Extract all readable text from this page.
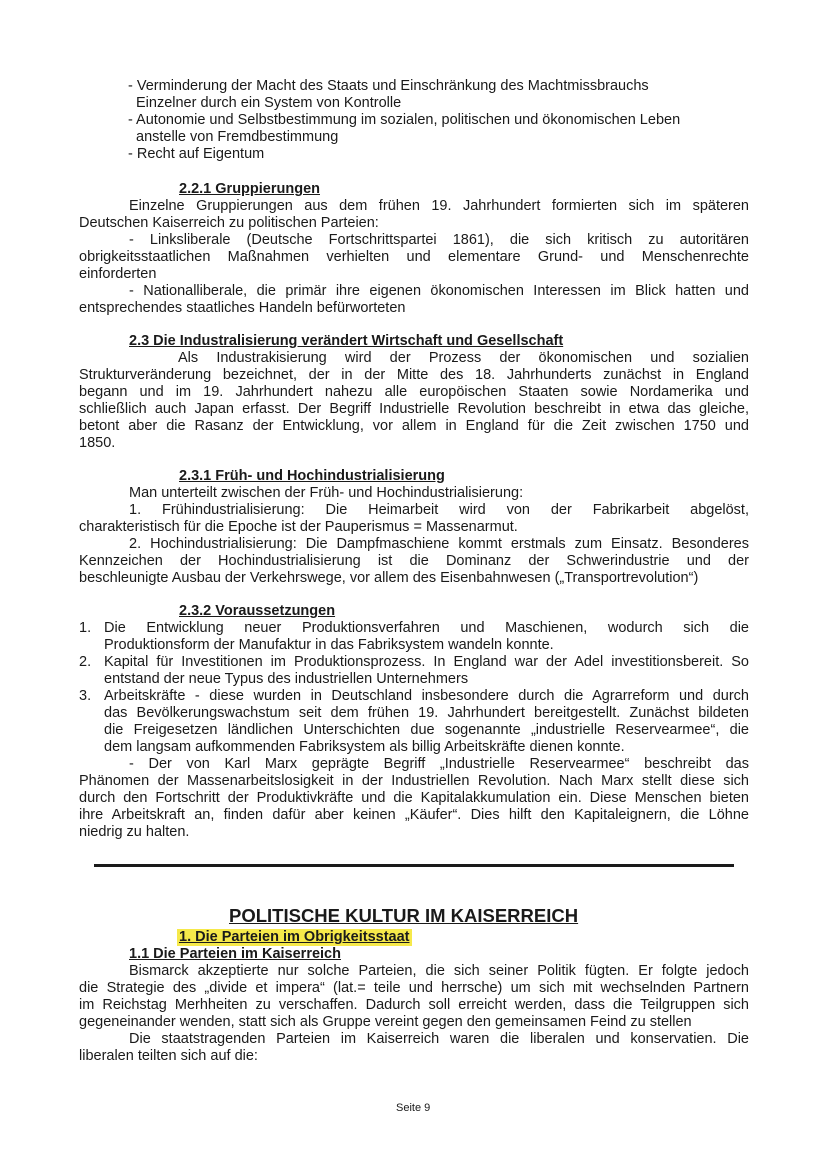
- Verminderung der Macht des Staats und Einschränkung des Machtmissbrauchs
Einzelner durch ein System von Kontrolle
- Autonomie und Selbstbestimmung im sozialen, politischen und ökonomischen Leben
anstelle von Fremdbestimmung
- Recht auf Eigentum
2.2.1 Gruppierungen
Einzelne Gruppierungen aus dem frühen 19. Jahrhundert formierten sich im späteren
Deutschen Kaiserreich zu politischen Parteien:
- Linksliberale (Deutsche Fortschrittspartei 1861), die sich kritisch zu autoritären
obrigkeitsstaatlichen Maßnahmen verhielten und elementare Grund- und Menschenrechte
einforderten
- Nationalliberale, die primär ihre eigenen ökonomischen Interessen im Blick hatten und
entsprechendes staatliches Handeln befürworteten
2.3 Die Industralisierung verändert Wirtschaft und Gesellschaft
Als Industrakisierung wird der Prozess der ökonomischen und sozialien
Strukturveränderung bezeichnet, der in der Mitte des 18. Jahrhunderts zunächst in England
begann und im 19. Jahrhundert nahezu alle europöischen Staaten sowie Nordamerika und
schließlich auch Japan erfasst. Der Begriff Industrielle Revolution beschreibt in etwa das gleiche,
betont aber die Rasanz der Entwicklung, vor allem in England für die Zeit zwischen 1750 und
1850.
2.3.1 Früh- und Hochindustrialisierung
Man unterteilt zwischen der Früh- und Hochindustrialisierung:
1. Frühindustrialisierung: Die Heimarbeit wird von der Fabrikarbeit abgelöst,
charakteristisch für die Epoche ist der Pauperismus = Massenarmut.
2. Hochindustrialisierung: Die Dampfmaschiene kommt erstmals zum Einsatz. Besonderes
Kennzeichen der Hochindustrialisierung ist die Dominanz der Schwerindustrie und der
beschleunigte Ausbau der Verkehrswege, vor allem des Eisenbahnwesen („Transportrevolution“)
2.3.2 Voraussetzungen
1. Die Entwicklung neuer Produktionsverfahren und Maschienen, wodurch sich die
Produktionsform der Manufaktur in das Fabriksystem wandeln konnte.
2. Kapital für Investitionen im Produktionsprozess. In England war der Adel investitionsbereit. So
entstand der neue Typus des industriellen Unternehmers
3. Arbeitskräfte - diese wurden in Deutschland insbesondere durch die Agrarreform und durch
das Bevölkerungswachstum seit dem frühen 19. Jahrhundert bereitgestellt. Zunächst bildeten
die Freigesetzen ländlichen Unterschichten due sogenannte „industrielle Reservearmee“, die
dem langsam aufkommenden Fabriksystem als billig Arbeitskräfte dienen konnte.
- Der von Karl Marx geprägte Begriff „Industrielle Reservearmee“ beschreibt das
Phänomen der Massenarbeitslosigkeit in der Industriellen Revolution. Nach Marx stellt diese sich
durch den Fortschritt der Produktivkräfte und die Kapitalakkumulation ein. Diese Menschen bieten
ihre Arbeitskraft an, finden dafür aber keinen „Käufer“. Dies hilft den Kapitaleignern, die Löhne
niedrig zu halten.
POLITISCHE KULTUR IM KAISERREICH
1. Die Parteien im Obrigkeitsstaat
1.1 Die Parteien im Kaiserreich
Bismarck akzeptierte nur solche Parteien, die sich seiner Politik fügten. Er folgte jedoch
die Strategie des „divide et impera“ (lat.= teile und herrsche) um sich mit wechselnden Partnern
im Reichstag Merhheiten zu verschaffen. Dadurch soll erreicht werden, dass die Teilgruppen sich
gegeneinander wenden, statt sich als Gruppe vereint gegen den gemeinsamen Feind zu stellen
Die staatstragenden Parteien im Kaiserreich waren die liberalen und konservatien. Die
liberalen teilten sich auf die:
Seite 9
